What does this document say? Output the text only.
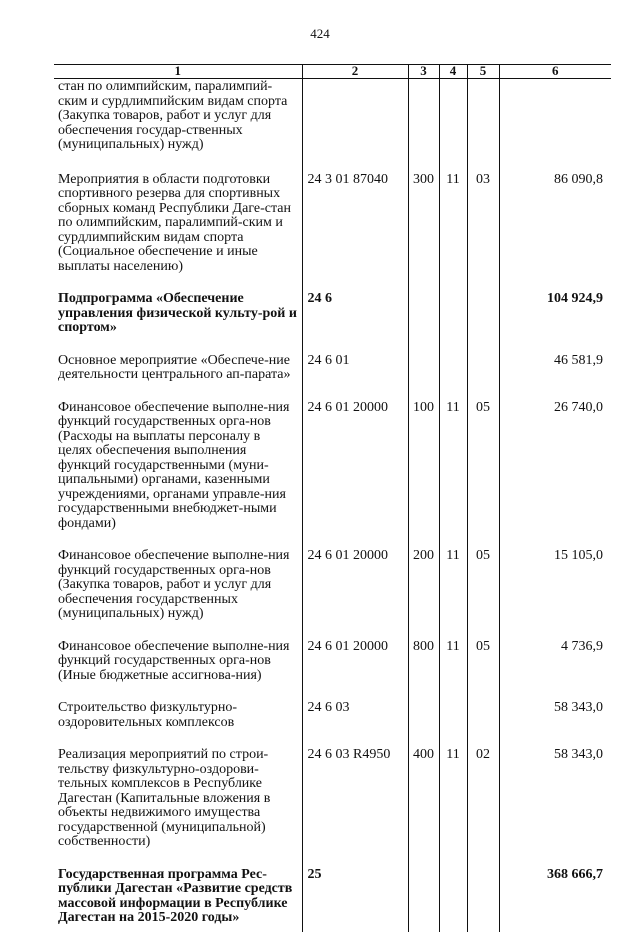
424
1	2	3	4	5	6
стан по олимпийским, паралимпий-ским и сурдлимпийским видам спорта (Закупка товаров, работ и услуг для обеспечения государ-ственных (муниципальных) нужд)					
Мероприятия в области подготовки спортивного резерва для спортивных сборных команд Республики Даге-стан по олимпийским, паралимпий-ским и сурдлимпийским видам спорта (Социальное обеспечение и иные выплаты населению)	24 3 01 87040	300	11	03	86 090,8
Подпрограмма «Обеспечение управления физической культу-рой и спортом»	24 6				104 924,9
Основное мероприятие «Обеспече-ние деятельности центрального ап-парата»	24 6 01				46 581,9
Финансовое обеспечение выполне-ния функций государственных орга-нов (Расходы на выплаты персоналу в целях обеспечения выполнения функций государственными (муни-ципальными) органами, казенными учреждениями, органами управле-ния государственными внебюджет-ными фондами)	24 6 01 20000	100	11	05	26 740,0
Финансовое обеспечение выполне-ния функций государственных орга-нов (Закупка товаров, работ и услуг для обеспечения государственных (муниципальных) нужд)	24 6 01 20000	200	11	05	15 105,0
Финансовое обеспечение выполне-ния функций государственных орга-нов (Иные бюджетные ассигнова-ния)	24 6 01 20000	800	11	05	4 736,9
Строительство физкультурно-оздоровительных комплексов	24 6 03				58 343,0
Реализация мероприятий по строи-тельству физкультурно-оздорови-тельных комплексов в Республике Дагестан (Капитальные вложения в объекты недвижимого имущества государственной (муниципальной) собственности)	24 6 03 R4950	400	11	02	58 343,0
Государственная программа Рес-публики Дагестан «Развитие средств массовой информации в Республике Дагестан на 2015-2020 годы»	25				368 666,7
